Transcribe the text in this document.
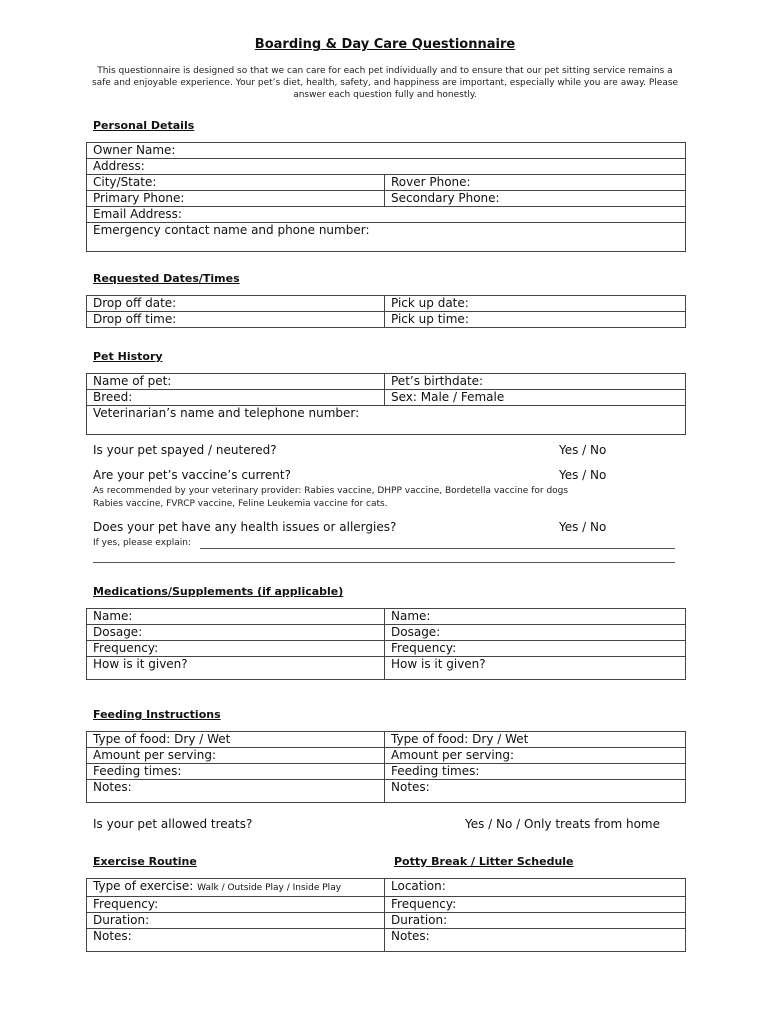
Boarding & Day Care Questionnaire
This questionnaire is designed so that we can care for each pet individually and to ensure that our pet sitting service remains a safe and enjoyable experience. Your pet’s diet, health, safety, and happiness are important, especially while you are away. Please answer each question fully and honestly.
Personal Details
Owner Name:	
Address:	
City/State:	Rover Phone:
Primary Phone:	Secondary Phone:
Email Address:	
Emergency contact name and phone number:	
Requested Dates/Times
Drop off date:	Pick up date:
Drop off time:	Pick up time:
Pet History
Name of pet:	Pet’s birthdate:
Breed:	Sex: Male / Female
Veterinarian’s name and telephone number:	
Is your pet spayed / neutered?	Yes / No
Are your pet’s vaccine’s current?	Yes / No
As recommended by your veterinary provider: Rabies vaccine, DHPP vaccine, Bordetella vaccine for dogs
Rabies vaccine, FVRCP vaccine, Feline Leukemia vaccine for cats.
Does your pet have any health issues or allergies?	Yes / No
If yes, please explain:
Medications/Supplements (if applicable)
Name:	Name:
Dosage:	Dosage:
Frequency:	Frequency:
How is it given?	How is it given?
Feeding Instructions
Type of food: Dry / Wet	Type of food: Dry / Wet
Amount per serving:	Amount per serving:
Feeding times:	Feeding times:
Notes:	Notes:
Is your pet allowed treats?	Yes / No / Only treats from home
Exercise Routine	Potty Break / Litter Schedule
Type of exercise: Walk / Outside Play / Inside Play	Location:
Frequency:	Frequency:
Duration:	Duration:
Notes:	Notes:
